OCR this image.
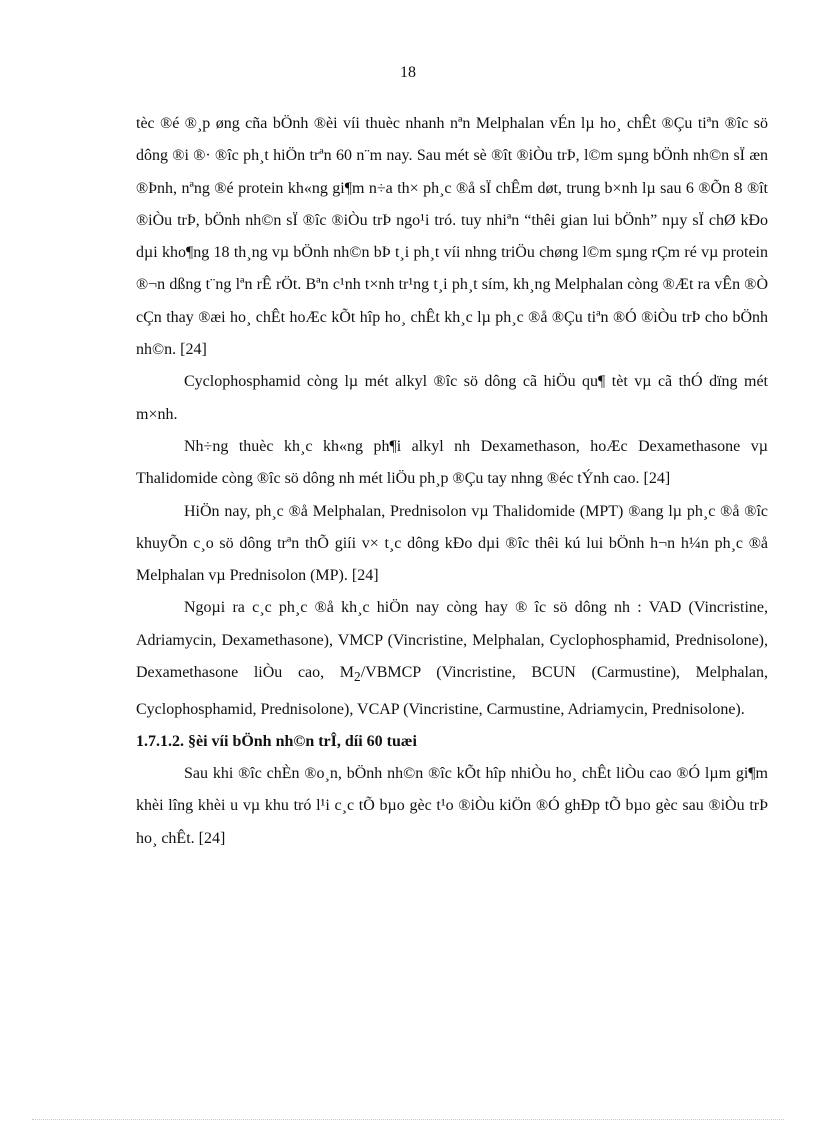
18

tèc ®é ®¸p øng cña bÖnh ®èi víi thuèc nhanh nªn Melphalan vÉn lµ ho¸ chÊt ®Çu tiªn ®îc sö dông ®i ®· ®îc ph¸t hiÖn trªn 60 n¨m nay. Sau mét sè ®ît ®iÒu trÞ, l©m sµng bÖnh nh©n sÏ æn ®Þnh, nªng ®é protein kh«ng gi¶m n÷a th× ph¸c ®å sÏ chÊm døt, trung b×nh lµ sau 6 ®Õn 8 ®ît ®iÒu trÞ, bÖnh nh©n sÏ ®îc ®iÒu trÞ ngo¹i tró. tuy nhiªn “thêi gian lui bÖnh” nµy sÏ chØ kÐo dµi kho¶ng 18 th¸ng vµ bÖnh nh©n bÞ t¸i ph¸t víi nhng triÖu chøng l©m sµng rÇm ré vµ protein ®¬n dßng t¨ng lªn rÊ rÖt. Bªn c¹nh t×nh tr¹ng t¸i ph¸t sím, kh¸ng Melphalan còng ®Æt ra vÊn ®Ò cÇn thay ®æi ho¸ chÊt hoÆc kÕt hîp ho¸ chÊt kh¸c lµ ph¸c ®å ®Çu tiªn ®Ó ®iÒu trÞ cho bÖnh nh©n. [24]

Cyclophosphamid còng lµ mét alkyl ®îc sö dông cã hiÖu qu¶ tèt vµ cã thÓ dïng mét m×nh.

Nh÷ng thuèc kh¸c kh«ng ph¶i alkyl nh Dexamethason, hoÆc Dexamethasone vµ Thalidomide còng ®îc sö dông nh mét liÖu ph¸p ®Çu tay nhng ®éc tÝnh cao. [24]

HiÖn nay, ph¸c ®å Melphalan, Prednisolon vµ Thalidomide (MPT) ®ang lµ ph¸c ®å ®îc khuyÕn c¸o sö dông trªn thÕ giíi v× t¸c dông kÐo dµi ®îc thêi kú lui bÖnh h¬n h¼n ph¸c ®å Melphalan vµ Prednisolon (MP). [24]

Ngoµi ra c¸c ph¸c ®å kh¸c hiÖn nay còng hay ® îc sö dông nh : VAD (Vincristine, Adriamycin, Dexamethasone), VMCP (Vincristine, Melphalan, Cyclophosphamid, Prednisolone), Dexamethasone liÒu cao, $M_2$/VBMCP (Vincristine, BCUN (Carmustine), Melphalan, Cyclophosphamid, Prednisolone), VCAP (Vincristine, Carmustine, Adriamycin, Prednisolone).

1.7.1.2. §èi víi bÖnh nh©n trÎ, díi 60 tuæi

Sau khi ®îc chÈn ®o¸n, bÖnh nh©n ®îc kÕt hîp nhiÒu ho¸ chÊt liÒu cao ®Ó lµm gi¶m khèi lîng khèi u vµ khu tró l¹i c¸c tÕ bµo gèc t¹o ®iÒu kiÖn ®Ó ghÐp tÕ bµo gèc sau ®iÒu trÞ ho¸ chÊt. [24]
